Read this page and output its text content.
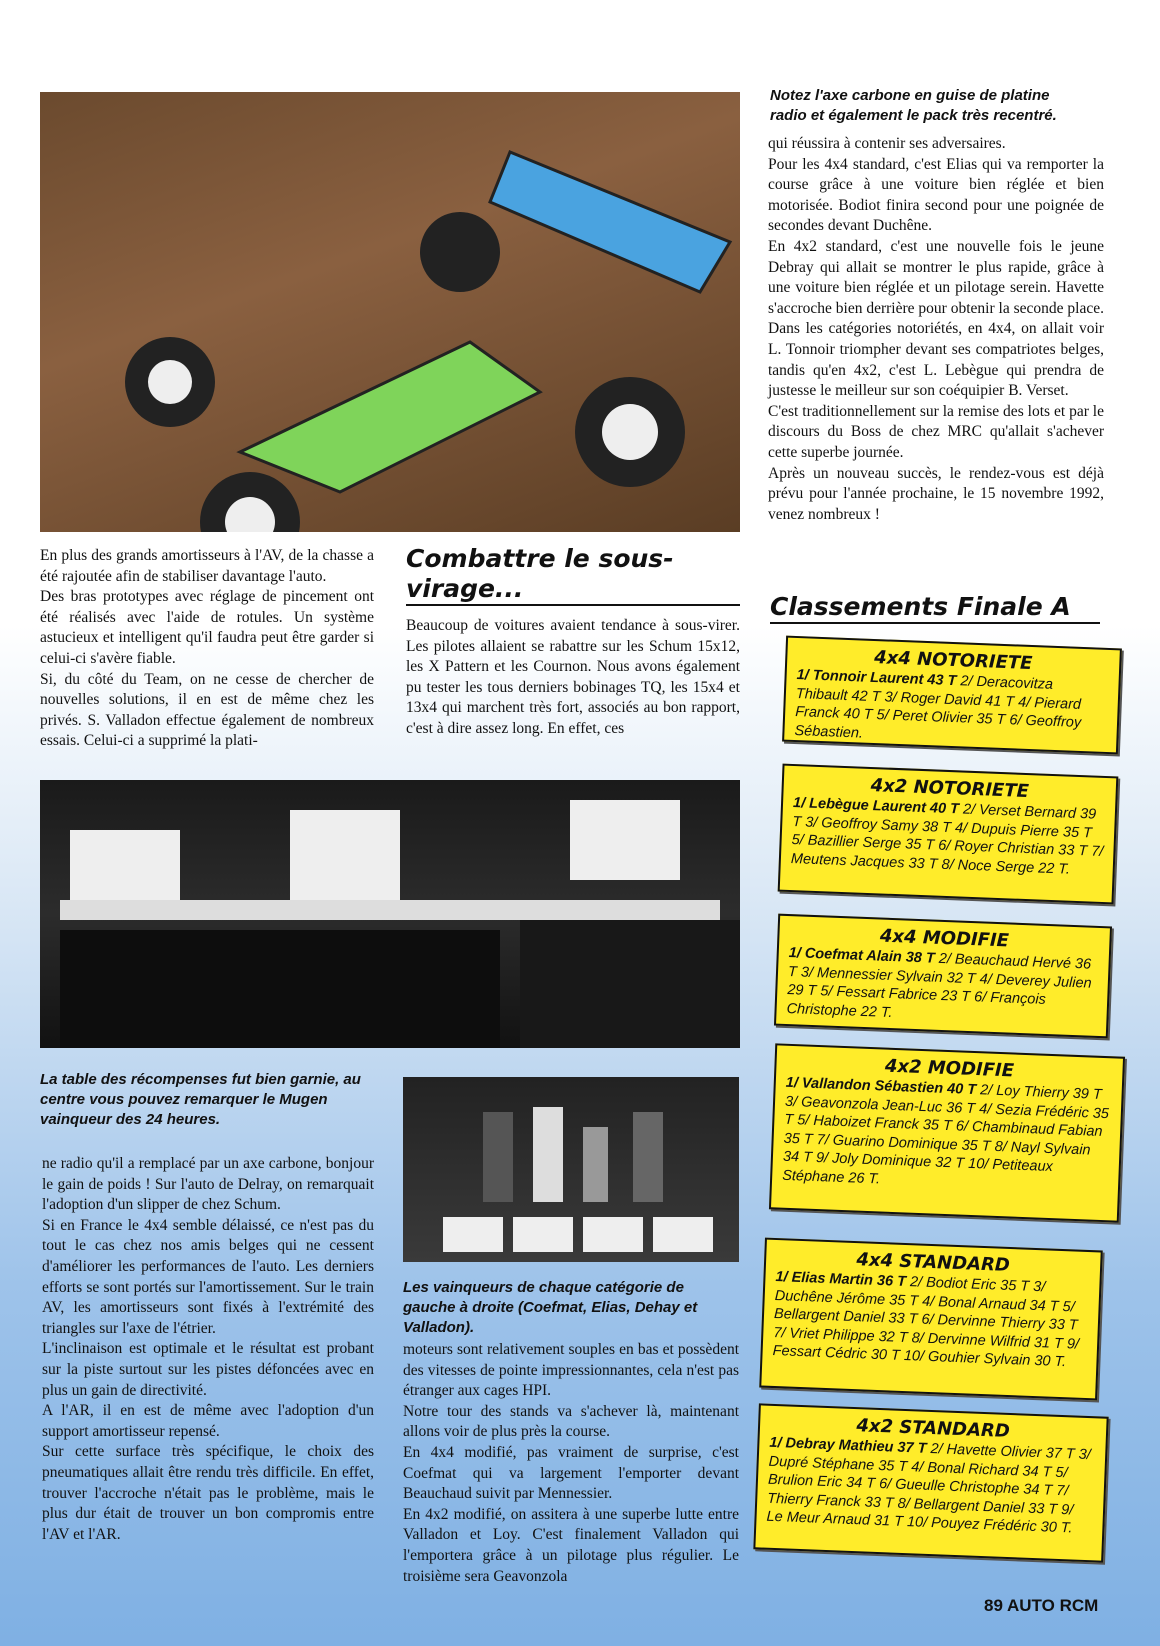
Notez l'axe carbone en guise de platine radio et également le pack très recentré.

qui réussira à contenir ses adversaires.

Pour les 4x4 standard, c'est Elias qui va remporter la course grâce à une voiture bien réglée et bien motorisée. Bodiot finira second pour une poignée de secondes devant Duchêne.

En 4x2 standard, c'est une nouvelle fois le jeune Debray qui allait se montrer le plus rapide, grâce à une voiture bien réglée et un pilotage serein. Havette s'accroche bien derrière pour obtenir la seconde place. Dans les catégories notoriétés, en 4x4, on allait voir L. Tonnoir triompher devant ses compatriotes belges, tandis qu'en 4x2, c'est L. Lebègue qui prendra de justesse le meilleur sur son coéquipier B. Verset.

C'est traditionnellement sur la remise des lots et par le discours du Boss de chez MRC qu'allait s'achever cette superbe journée.

Après un nouveau succès, le rendez-vous est déjà prévu pour l'année prochaine, le 15 novembre 1992, venez nombreux !

En plus des grands amortisseurs à l'AV, de la chasse a été rajoutée afin de stabiliser davantage l'auto.

Des bras prototypes avec réglage de pincement ont été réalisés avec l'aide de rotules. Un système astucieux et intelligent qu'il faudra peut être garder si celui-ci s'avère fiable.

Si, du côté du Team, on ne cesse de chercher de nouvelles solutions, il en est de même chez les privés. S. Valladon effectue également de nombreux essais. Celui-ci a supprimé la plati-

Combattre le sous-virage...
Beaucoup de voitures avaient tendance à sous-virer. Les pilotes allaient se rabattre sur les Schum 15x12, les X Pattern et les Cournon. Nous avons également pu tester les tous derniers bobinages TQ, les 15x4 et 13x4 qui marchent très fort, associés au bon rapport, c'est à dire assez long. En effet, ces
Classements Finale A
4x4 NOTORIETE
1/ Tonnoir Laurent 43 T 2/ Deracovitza Thibault 42 T 3/ Roger David 41 T 4/ Pierard Franck 40 T 5/ Peret Olivier 35 T 6/ Geoffroy Sébastien.
4x2 NOTORIETE
1/ Lebègue Laurent 40 T 2/ Verset Bernard 39 T 3/ Geoffroy Samy 38 T 4/ Dupuis Pierre 35 T 5/ Bazillier Serge 35 T 6/ Royer Christian 33 T 7/ Meutens Jacques 33 T 8/ Noce Serge 22 T.
4x4 MODIFIE
1/ Coefmat Alain 38 T 2/ Beauchaud Hervé 36 T 3/ Mennessier Sylvain 32 T 4/ Deverey Julien 29 T 5/ Fessart Fabrice 23 T 6/ François Christophe 22 T.
4x2 MODIFIE
1/ Vallandon Sébastien 40 T 2/ Loy Thierry 39 T 3/ Geavonzola Jean-Luc 36 T 4/ Sezia Frédéric 35 T 5/ Haboizet Franck 35 T 6/ Chambinaud Fabian 35 T 7/ Guarino Dominique 35 T 8/ Nayl Sylvain 34 T 9/ Joly Dominique 32 T 10/ Petiteaux Stéphane 26 T.
4x4 STANDARD
1/ Elias Martin 36 T 2/ Bodiot Eric 35 T 3/ Duchêne Jérôme 35 T 4/ Bonal Arnaud 34 T 5/ Bellargent Daniel 33 T 6/ Dervinne Thierry 33 T 7/ Vriet Philippe 32 T 8/ Dervinne Wilfrid 31 T 9/ Fessart Cédric 30 T 10/ Gouhier Sylvain 30 T.
4x2 STANDARD
1/ Debray Mathieu 37 T 2/ Havette Olivier 37 T 3/ Dupré Stéphane 35 T 4/ Bonal Richard 34 T 5/ Brulion Eric 34 T 6/ Gueulle Christophe 34 T 7/ Thierry Franck 33 T 8/ Bellargent Daniel 33 T 9/ Le Meur Arnaud 31 T 10/ Pouyez Frédéric 30 T.
La table des récompenses fut bien garnie, au centre vous pouvez remarquer le Mugen vainqueur des 24 heures.
Les vainqueurs de chaque catégorie de gauche à droite (Coefmat, Elias, Dehay et Valladon).

ne radio qu'il a remplacé par un axe carbone, bonjour le gain de poids ! Sur l'auto de Delray, on remarquait l'adoption d'un slipper de chez Schum.

Si en France le 4x4 semble délaissé, ce n'est pas du tout le cas chez nos amis belges qui ne cessent d'améliorer les performances de l'auto. Les derniers efforts se sont portés sur l'amortissement. Sur le train AV, les amortisseurs sont fixés à l'extrémité des triangles sur l'axe de l'étrier.

L'inclinaison est optimale et le résultat est probant sur la piste surtout sur les pistes défoncées avec en plus un gain de directivité.

A l'AR, il en est de même avec l'adoption d'un support amortisseur repensé.

Sur cette surface très spécifique, le choix des pneumatiques allait être rendu très difficile. En effet, trouver l'accroche n'était pas le problème, mais le plus dur était de trouver un bon compromis entre l'AV et l'AR.

moteurs sont relativement souples en bas et possèdent des vitesses de pointe impressionnantes, cela n'est pas étranger aux cages HPI.

Notre tour des stands va s'achever là, maintenant allons voir de plus près la course.

En 4x4 modifié, pas vraiment de surprise, c'est Coefmat qui va largement l'emporter devant Beauchaud suivit par Mennessier.

En 4x2 modifié, on assitera à une superbe lutte entre Valladon et Loy. C'est finalement Valladon qui l'emportera grâce à un pilotage plus régulier. Le troisième sera Geavonzola

89 AUTO RCM
